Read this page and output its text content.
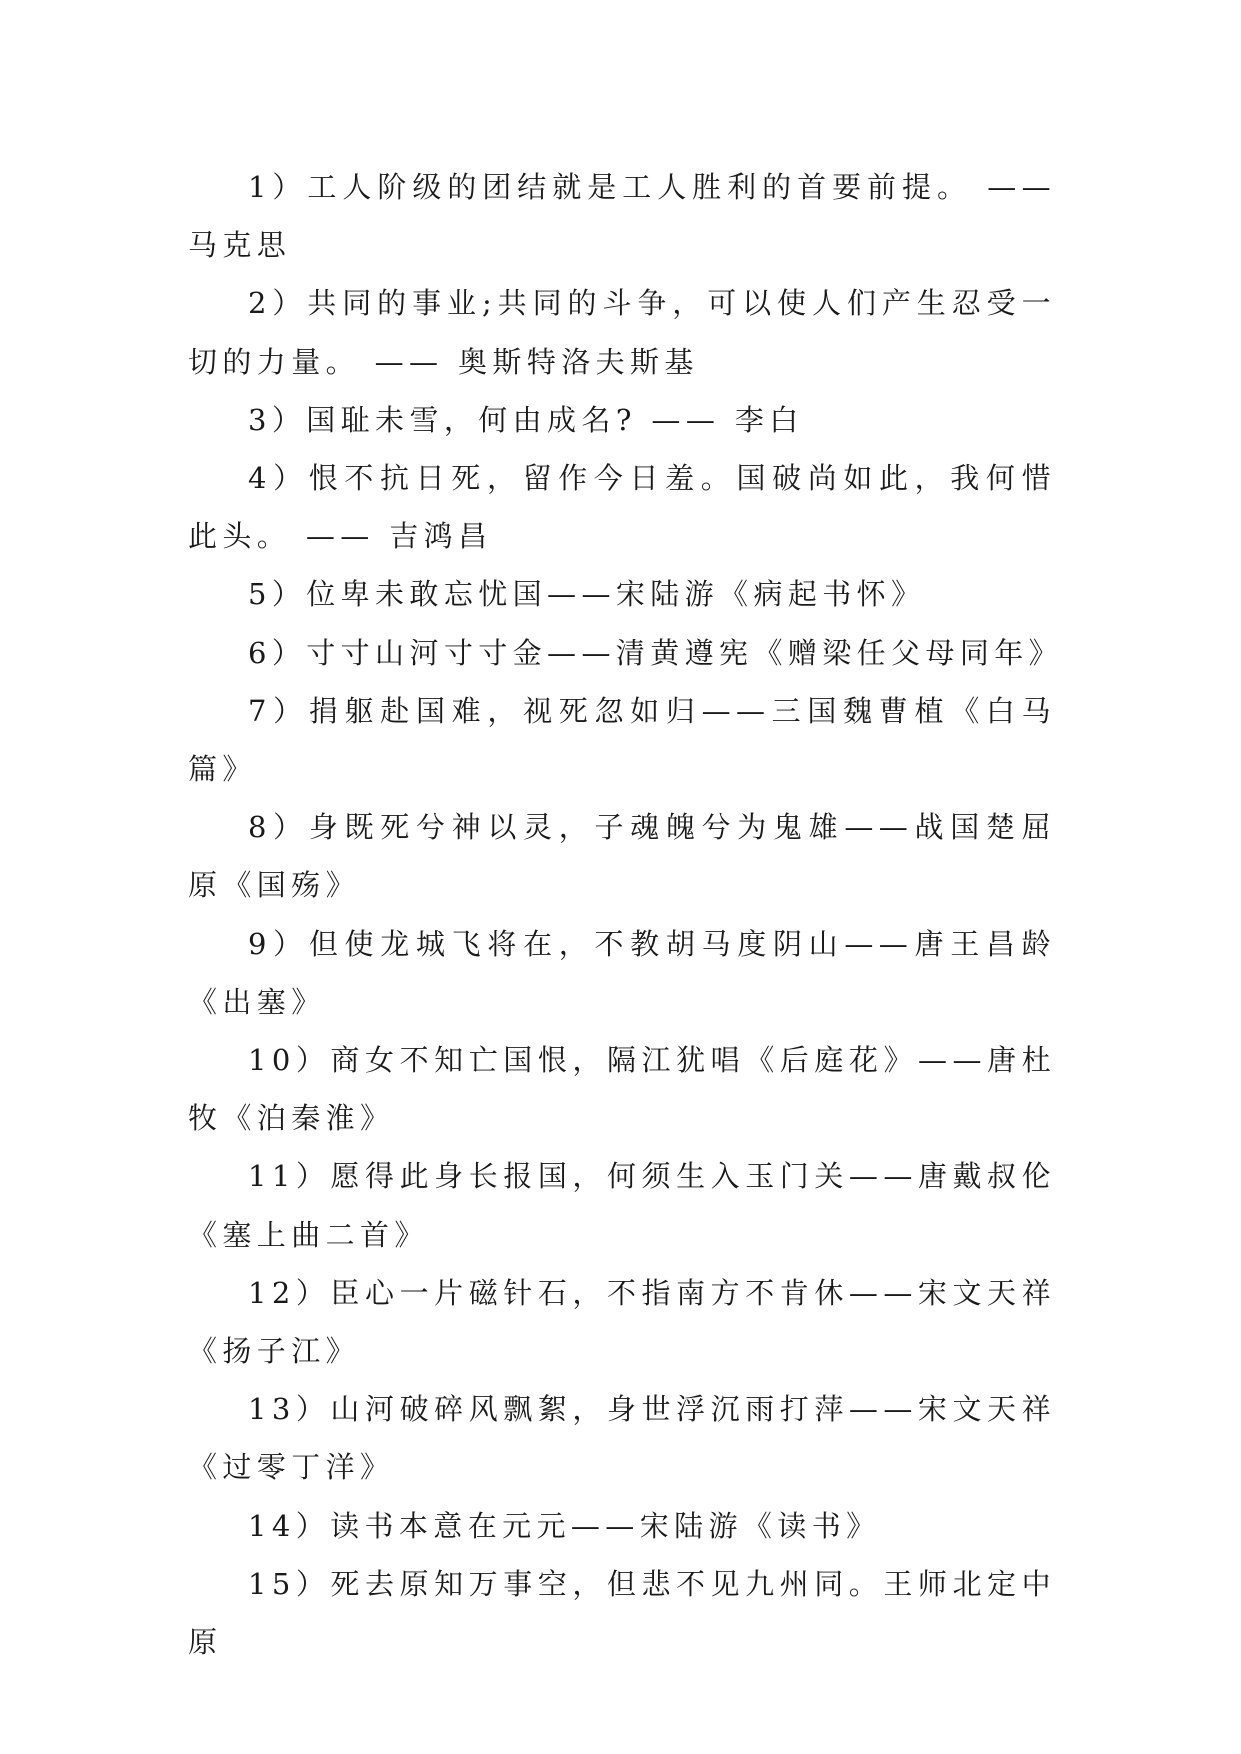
1）工人阶级的团结就是工人胜利的首要前提。 —— 马克思

2）共同的事业;共同的斗争，可以使人们产生忍受一切的力量。 —— 奥斯特洛夫斯基

3）国耻未雪，何由成名? —— 李白

4）恨不抗日死，留作今日羞。国破尚如此，我何惜此头。 —— 吉鸿昌

5）位卑未敢忘忧国——宋陆游《病起书怀》

6）寸寸山河寸寸金——清黄遵宪《赠梁任父母同年》

7）捐躯赴国难，视死忽如归——三国魏曹植《白马篇》

8）身既死兮神以灵，子魂魄兮为鬼雄——战国楚屈原《国殇》

9）但使龙城飞将在，不教胡马度阴山——唐王昌龄《出塞》

10）商女不知亡国恨，隔江犹唱《后庭花》——唐杜牧《泊秦淮》

11）愿得此身长报国，何须生入玉门关——唐戴叔伦《塞上曲二首》

12）臣心一片磁针石，不指南方不肯休——宋文天祥《扬子江》

13）山河破碎风飘絮，身世浮沉雨打萍——宋文天祥《过零丁洋》

14）读书本意在元元——宋陆游《读书》

15）死去原知万事空，但悲不见九州同。王师北定中原
